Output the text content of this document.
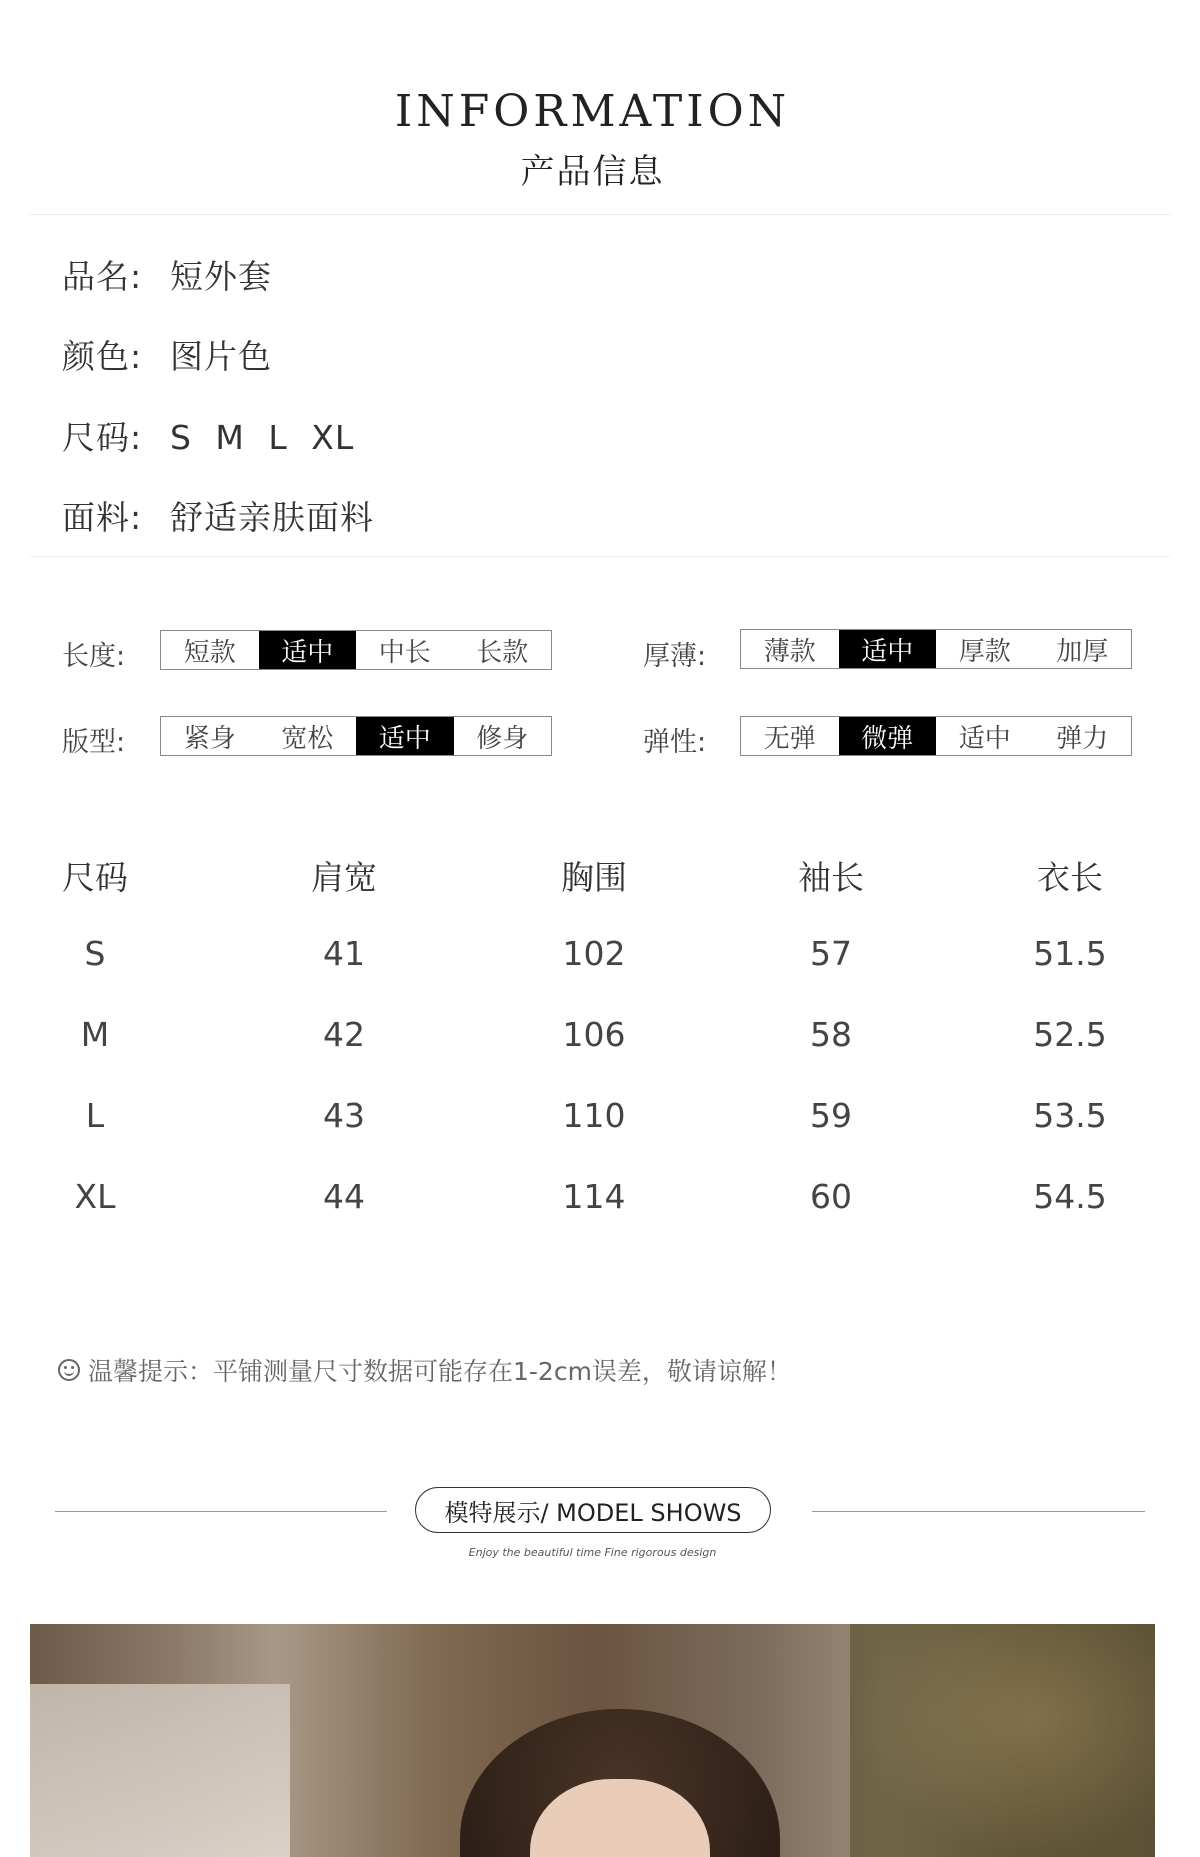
INFORMATION
产品信息
品名: 短外套
颜色: 图片色
尺码: S M L XL
面料: 舒适亲肤面料
长度:	短款	适中	中长	长款	厚薄:	薄款	适中	厚款	加厚
版型:	紧身	宽松	适中	修身	弹性:	无弹	微弹	适中	弹力
尺码	肩宽	胸围	袖长	衣长
S	41	102	57	51.5
M	42	106	58	52.5
L	43	110	59	53.5
XL	44	114	60	54.5
温馨提示：平铺测量尺寸数据可能存在1-2cm误差，敬请谅解！
模特展示/ MODEL SHOWS
Enjoy the beautiful time Fine rigorous design
